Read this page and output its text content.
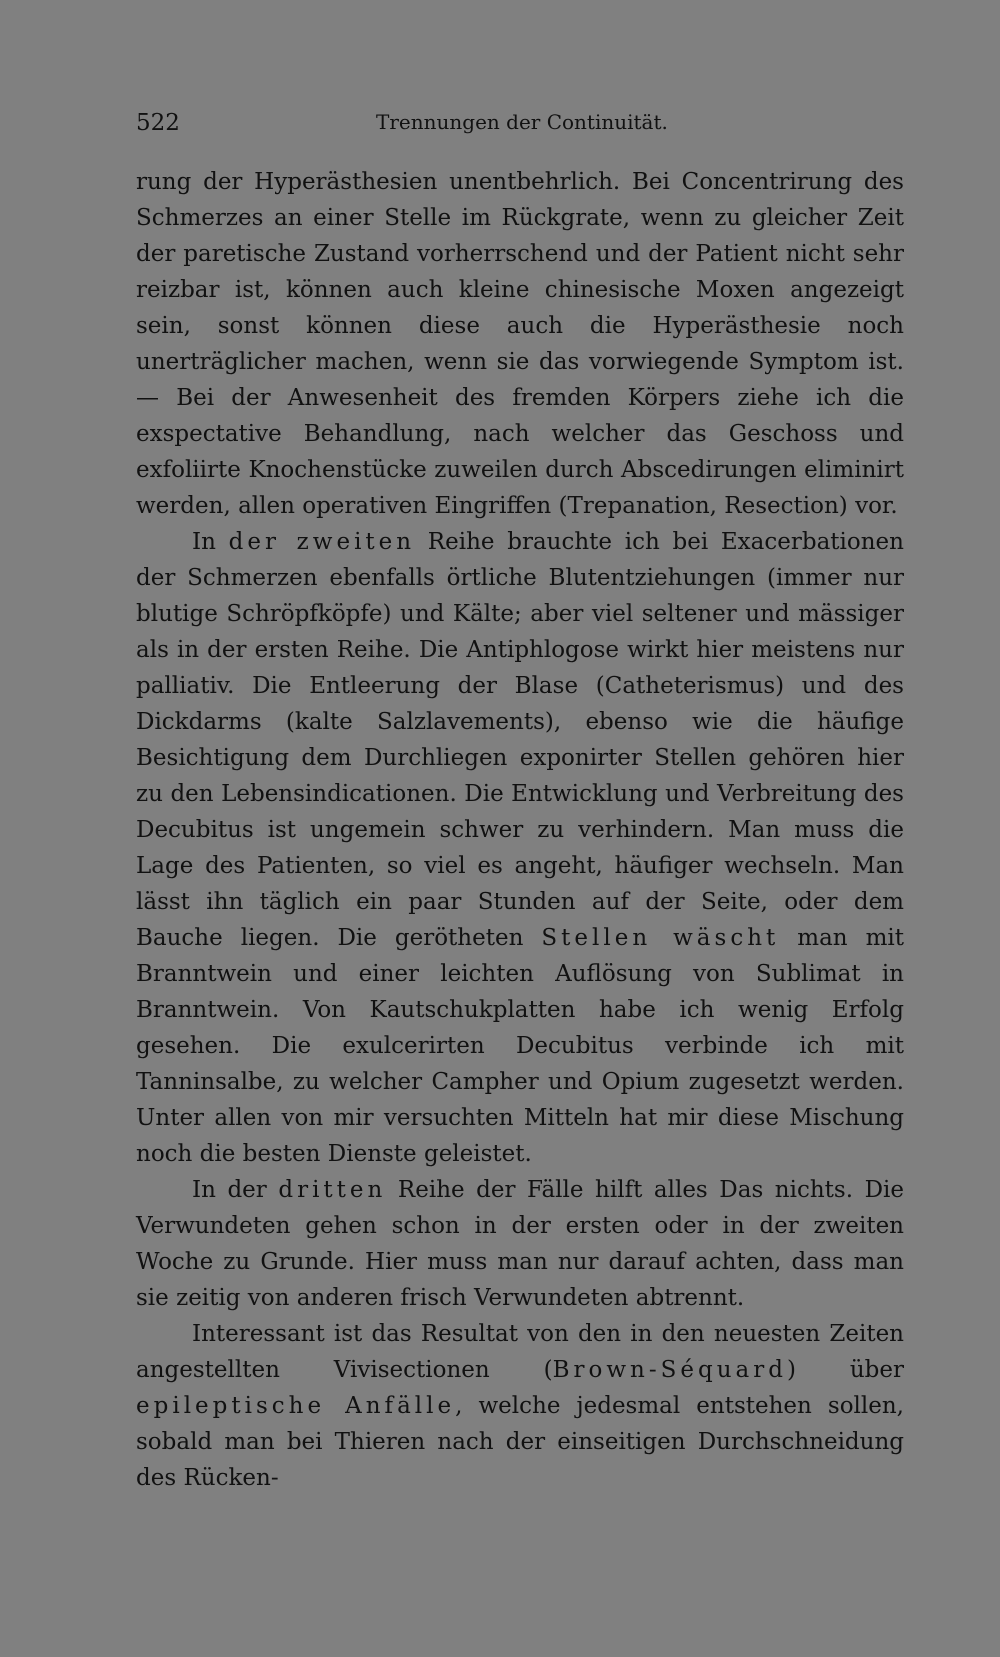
522	Trennungen der Continuität.

rung der Hyperästhesien unentbehrlich. Bei Concentrirung des Schmerzes an einer Stelle im Rückgrate, wenn zu gleicher Zeit der paretische Zustand vorherrschend und der Patient nicht sehr reizbar ist, können auch kleine chinesische Moxen angezeigt sein, sonst können diese auch die Hyperästhesie noch unerträglicher machen, wenn sie das vorwiegende Symptom ist. — Bei der Anwesenheit des fremden Körpers ziehe ich die exspectative Behandlung, nach welcher das Geschoss und exfoliirte Knochenstücke zuweilen durch Abscedirungen eliminirt werden, allen operativen Eingriffen (Trepanation, Resection) vor.

In der zweiten Reihe brauchte ich bei Exacerbationen der Schmerzen ebenfalls örtliche Blutentziehungen (immer nur blutige Schröpfköpfe) und Kälte; aber viel seltener und mässiger als in der ersten Reihe. Die Antiphlogose wirkt hier meistens nur palliativ. Die Entleerung der Blase (Catheterismus) und des Dickdarms (kalte Salzlavements), ebenso wie die häufige Besichtigung dem Durchliegen exponirter Stellen gehören hier zu den Lebensindicationen. Die Entwicklung und Verbreitung des Decubitus ist ungemein schwer zu verhindern. Man muss die Lage des Patienten, so viel es angeht, häufiger wechseln. Man lässt ihn täglich ein paar Stunden auf der Seite, oder dem Bauche liegen. Die gerötheten Stellen wäscht man mit Branntwein und einer leichten Auflösung von Sublimat in Branntwein. Von Kautschukplatten habe ich wenig Erfolg gesehen. Die exulcerirten Decubitus verbinde ich mit Tanninsalbe, zu welcher Campher und Opium zugesetzt werden. Unter allen von mir versuchten Mitteln hat mir diese Mischung noch die besten Dienste geleistet.

In der dritten Reihe der Fälle hilft alles Das nichts. Die Verwundeten gehen schon in der ersten oder in der zweiten Woche zu Grunde. Hier muss man nur darauf achten, dass man sie zeitig von anderen frisch Verwundeten abtrennt.

Interessant ist das Resultat von den in den neuesten Zeiten angestellten Vivisectionen (Brown-Séquard) über epileptische Anfälle, welche jedesmal entstehen sollen, sobald man bei Thieren nach der einseitigen Durchschneidung des Rücken-
